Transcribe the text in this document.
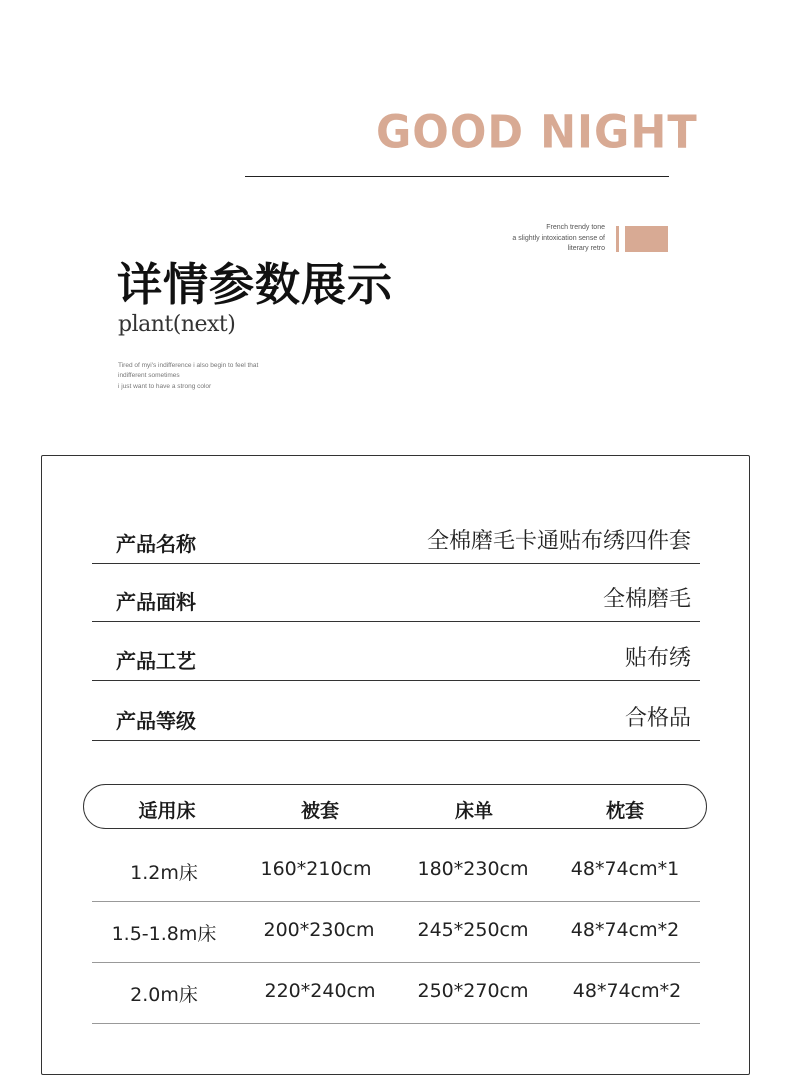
GOOD NIGHT
French trendy tone
a slightly intoxication sense of
literary retro
详情参数展示
plant(next)
Tired of myi's indifference i also begin to feel that
indifferent sometimes
i just want to have a strong color
产品名称	全棉磨毛卡通贴布绣四件套
产品面料	全棉磨毛
产品工艺	贴布绣
产品等级	合格品
适用床	被套	床单	枕套
1.2m床	160*210cm 180*230cm 48*74cm*1
1.5-1.8m床 200*230cm 245*250cm 48*74cm*2
2.0m床	220*240cm 250*270cm 48*74cm*2
